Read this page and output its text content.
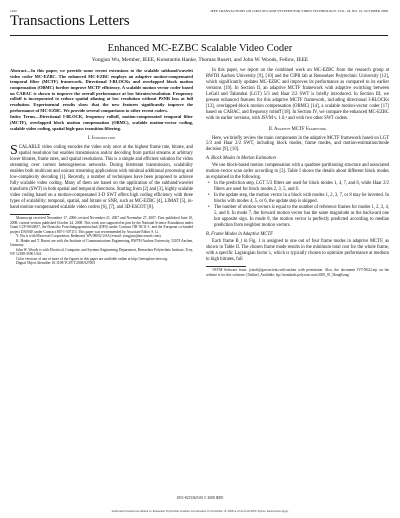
1432	IEEE TRANSACTIONS ON CIRCUITS AND SYSTEMS FOR VIDEO TECHNOLOGY, VOL. 18, NO. 10, OCTOBER 2008
Transactions Letters
Enhanced MC-EZBC Scalable Video Coder
Yongjun Wu, Member, IEEE, Konstantin Hanke, Thomas Rusert, and John W. Woods, Fellow, IEEE

Abstract—In this paper, we provide some recent extensions to the scalable subband/wavelet video coder MC-EZBC. The enhanced MC-EZBC employs an adaptive motion-compensated temporal filter (MCTF) framework. Directional I-BLOCKs and overlapped block motion compensation (OBMC) further improve MCTF efficiency. A scalable motion vector coder based on CABAC is shown to improve the overall performance at low bitrates/resolution. Frequency rolloff is incorporated to reduce spatial aliasing at low resolution without PSNR loss at full resolution. Experimental results show that the new features significantly improve the performance of MC-EZBC. We provide several comparisons to other recent coders.

Index Terms—Directional I-BLOCK, frequency rolloff, motion-compensated temporal filter (MCTF), overlapped block motion compensation (OBMC), scalable motion-vector coding, scalable video coding, spatial high-pass transition filtering.

I. Introduction

SCALABLE video coding encodes the video only once at the highest frame rate, bitrate, and spatial resolution but enables transmission and/or decoding from partial streams at arbitrary lower bitrates, frame rates, and spatial resolutions. This is a simple and efficient solution for video streaming over current heterogeneous networks. During bitstream transmission, scalability enables both multicast and unicast streaming applications with minimal additional processing and low-complexity decoding [1]. Recently, a number of techniques have been proposed to achieve fully scalable video coding. Many of them are based on the application of the subband/wavelet transform (SWT) in both spatial and temporal directions. Starting from [2] and [3], highly scalable video coding based on a motion-compensated 3-D SWT offers high coding efficiency with three types of scalability: temporal, spatial, and bitrate or SNR, such as MC-EZBC [4], LIMAT [5], in-band motion-compensated scalable video coders [6], [7], and 3D-ESCOT [8].

Manuscript received November 17, 2006; revised November 21, 2007 and November 27, 2007. First published June 10, 2008; current version published October 24, 2008. This work was supported in part by the National Science Foundation under Grant CCF-0634837, the Deutsche Forschungsgemeinschaft (DFG) under Contract OH 50/11-1, and the European co-funded project DANAE under Contract IST-1-507113. This paper was recommended by Associate Editor S. Li.

Y. Wu is with Microsoft Corporation, Redmond, WA 98052 USA (e-mail: yongjuw@microsoft.com).

K. Hanke and T. Rusert are with the Institute of Communications Engineering, RWTH Aachen University, 52074 Aachen, Germany.

John W. Woods is with Electrical, Computer, and Systems Engineering Department, Rensselaer Polytechnic Institute, Troy, NY 12180-3590 USA.

Color versions of one or more of the figures in this paper are available online at http://ieeexplore.ieee.org.

Digital Object Identifier 10.1109/TCSVT.2008.927003

In this paper, we report on the combined work on MC-EZBC from the research group at RWTH Aachen University [9], [10] and the CIPR lab at Rensselaer Polytechnic University [12], which significantly updates MC-EZBC and improves its performance as compared to its earlier versions [19]. In Section II, an adaptive MCTF framework with adaptive switching between LeGall and Tabatabai (LGT) 5/3 and Haar 2/2 SWT is briefly introduced. In Section III, we present enhanced features for this adaptive MCTF framework, including directional I-BLOCKs [13], overlapped-block motion compensation (OBMC) [14], a scalable motion-vector coder [17] based on CABAC, and frequency rolloff [18]. In Section IV, we compare the enhanced MC-EZBC with its earlier versions, with JSVM v. 1.0,¹ and with two other SWT coders.

II. Adaptive MCTF Framework

Here, we briefly review the main components in the adaptive MCTF framework based on LGT 5/3 and Haar 2/2 SWT, including block modes, frame modes, and motion-estimation/mode decision [9], [10].

A. Block Modes in Motion Estimation

We use block-based motion compensation with a quadtree partitioning structure and associated motion-vector scan order according to [3]. Table I shows the details about different block modes as explained in the following.

• In the prediction step, LGT 5/3 filters are used for block modes 1, 4, 7, and 8, while Haar 2/2 filters are used for block modes 2, 3, 5, and 6.
• In the update step, the motion vector in a block with modes 1, 2, 3, 7, or 8 may be inverted. In blocks with modes 4, 5, or 6, the update step is skipped.
• The number of motion vectors is equal to the number of reference frames for modes 1, 2, 3, 4, 5, and 6. In mode 7, the forward motion vector has the same magnitude as the backward one but opposite sign. In mode 8, the motion vector is perfectly predicted according to median prediction from neighbor motion vectors.
B. Frame Modes in Adaptive MCTF

Each frame B_t in Fig. 1 is assigned to one out of four frame modes in adaptive MCTF, as shown in Table II. The chosen frame mode results in the minimum total cost for the whole frame, with a specific Lagrangian factor λ, which is typically chosen to optimize performance at medium to high bitrates, full

¹JSVM Software from: jvtsoft@garcon.ient.rwth-aachen with permission. Also, the document JVT-N022.zip on the website is for this software. [Online]. Available: ftp://standards.polycom.com/2005_01_HongKong/

1051-8215/$25.00 © 2008 IEEE
Authorized licensed use limited to: Rensselaer Polytechnic Institute. Downloaded on November 19, 2008 at 10:44 from IEEE Xplore. Restrictions apply.
